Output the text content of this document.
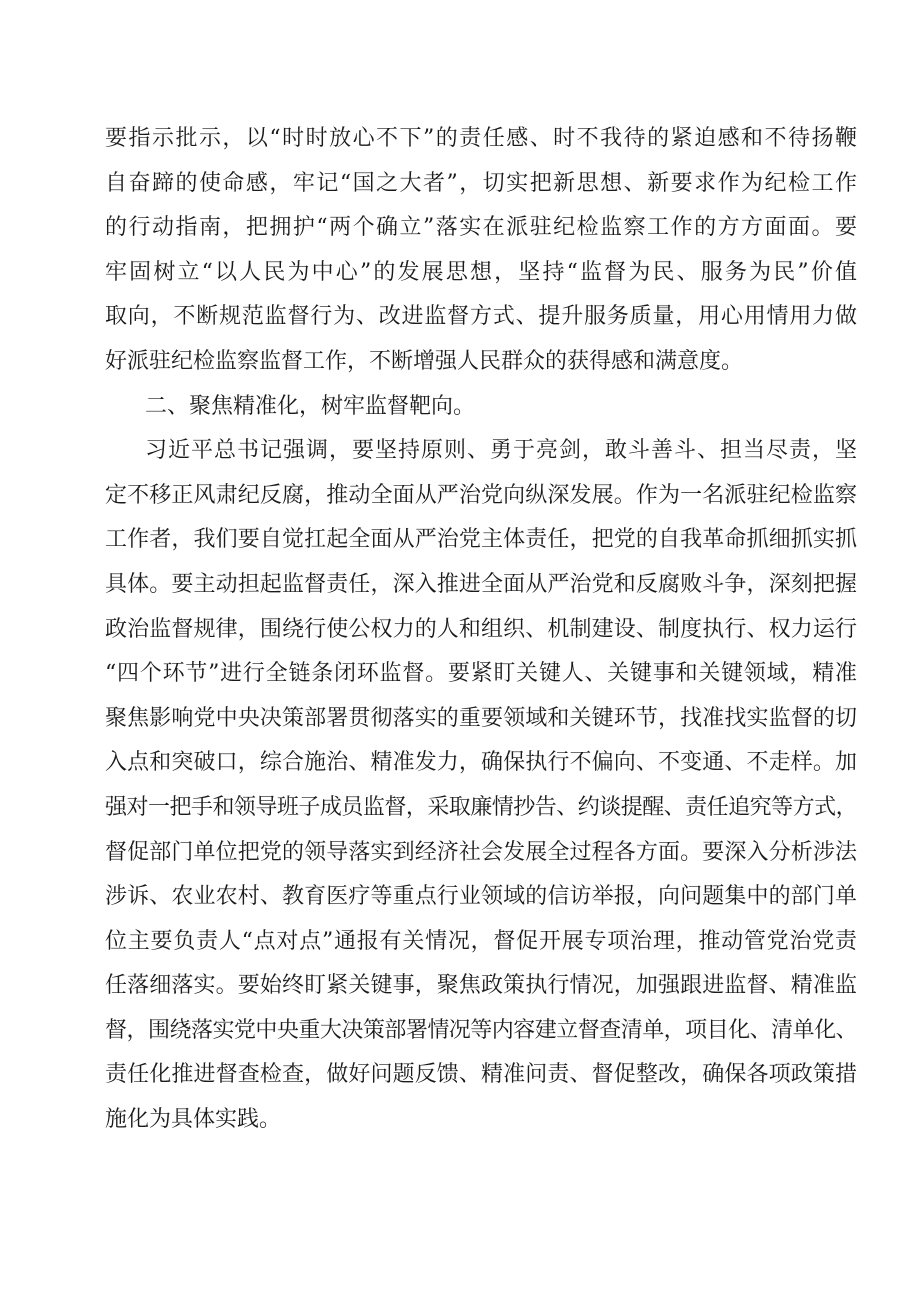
要指示批示，以“时时放心不下”的责任感、时不我待的紧迫感和不待扬鞭
自奋蹄的使命感，牢记“国之大者”，切实把新思想、新要求作为纪检工作
的行动指南，把拥护“两个确立”落实在派驻纪检监察工作的方方面面。要
牢固树立“以人民为中心”的发展思想，坚持“监督为民、服务为民”价值
取向，不断规范监督行为、改进监督方式、提升服务质量，用心用情用力做
好派驻纪检监察监督工作，不断增强人民群众的获得感和满意度。
二、聚焦精准化，树牢监督靶向。
习近平总书记强调，要坚持原则、勇于亮剑，敢斗善斗、担当尽责，坚
定不移正风肃纪反腐，推动全面从严治党向纵深发展。作为一名派驻纪检监察
工作者，我们要自觉扛起全面从严治党主体责任，把党的自我革命抓细抓实抓
具体。要主动担起监督责任，深入推进全面从严治党和反腐败斗争，深刻把握
政治监督规律，围绕行使公权力的人和组织、机制建设、制度执行、权力运行
“四个环节”进行全链条闭环监督。要紧盯关键人、关键事和关键领域，精准
聚焦影响党中央决策部署贯彻落实的重要领域和关键环节，找准找实监督的切
入点和突破口，综合施治、精准发力，确保执行不偏向、不变通、不走样。加
强对一把手和领导班子成员监督，采取廉情抄告、约谈提醒、责任追究等方式，
督促部门单位把党的领导落实到经济社会发展全过程各方面。要深入分析涉法
涉诉、农业农村、教育医疗等重点行业领域的信访举报，向问题集中的部门单
位主要负责人“点对点”通报有关情况，督促开展专项治理，推动管党治党责
任落细落实。要始终盯紧关键事，聚焦政策执行情况，加强跟进监督、精准监
督，围绕落实党中央重大决策部署情况等内容建立督查清单，项目化、清单化、
责任化推进督查检查，做好问题反馈、精准问责、督促整改，确保各项政策措
施化为具体实践。
